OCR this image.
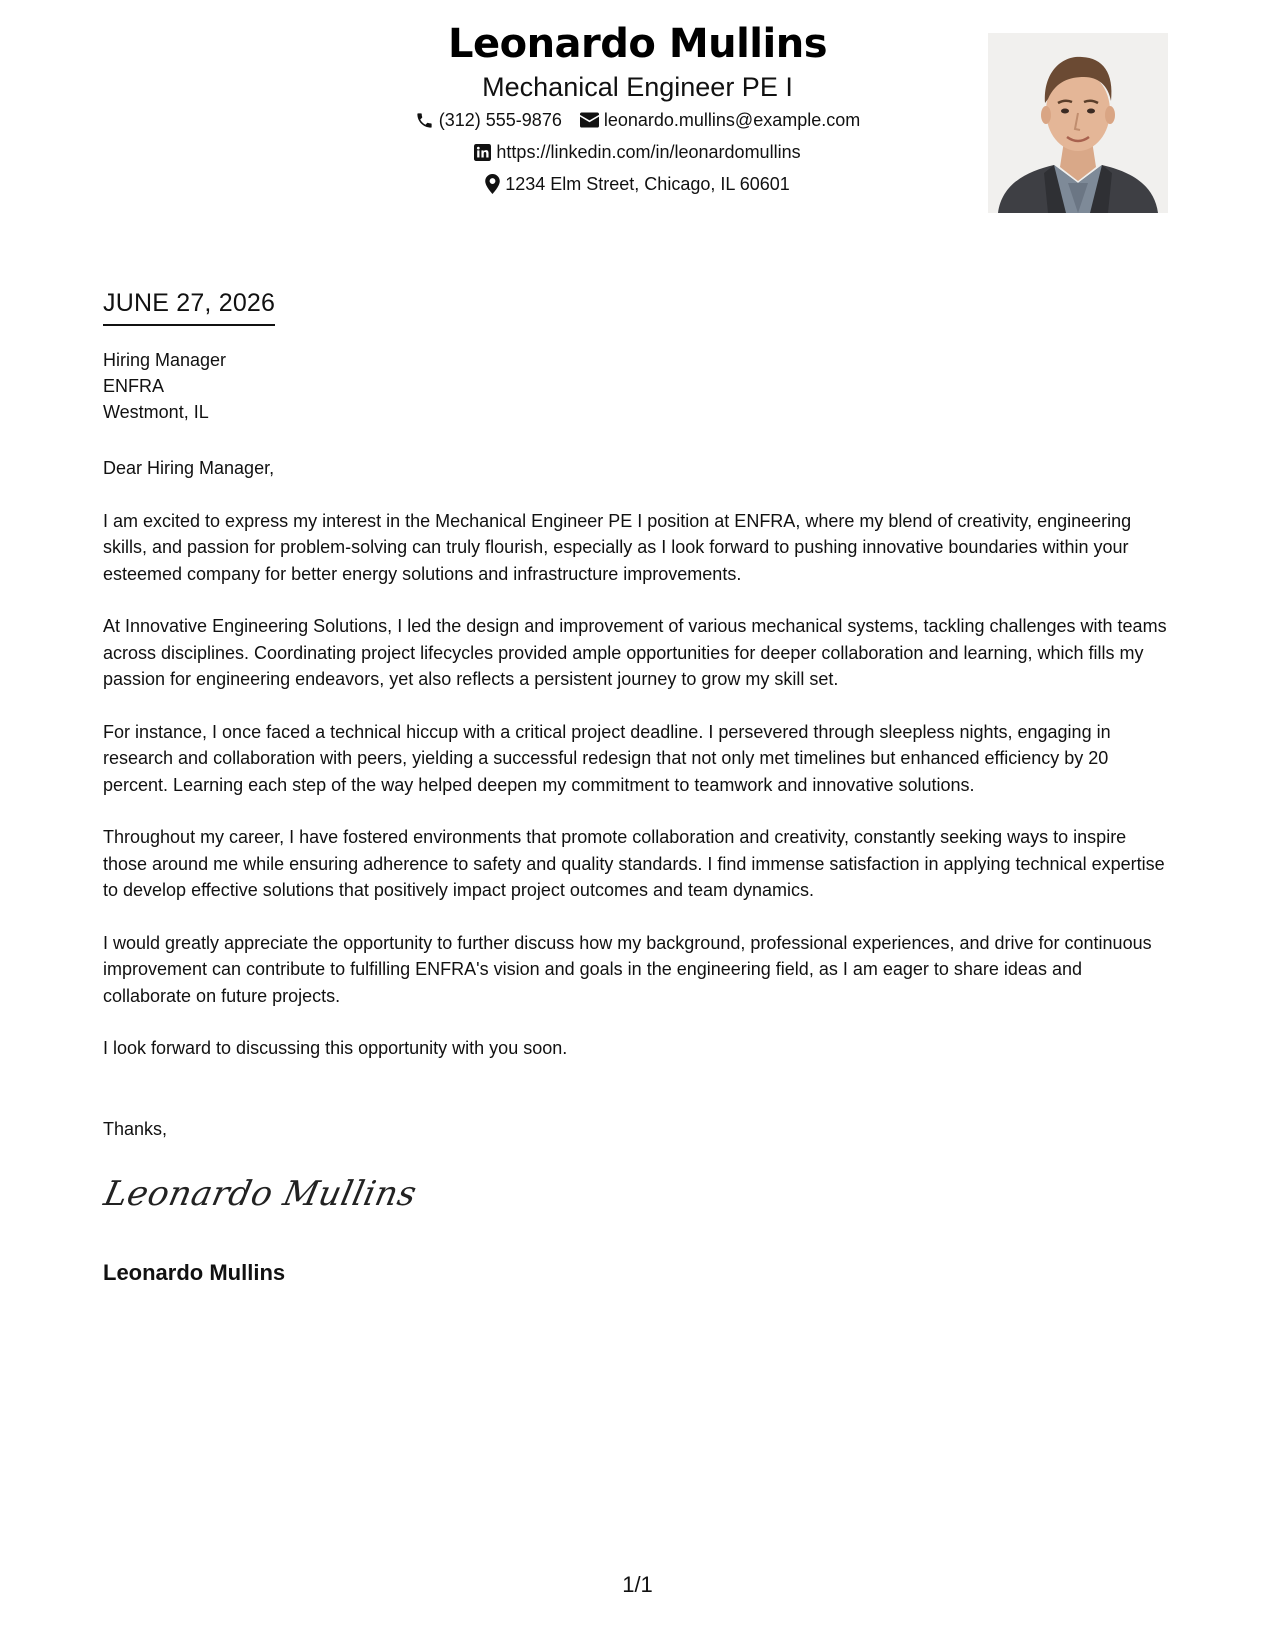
Leonardo Mullins
Mechanical Engineer PE I
(312) 555-9876 leonardo.mullins@example.com
https://linkedin.com/in/leonardomullins
1234 Elm Street, Chicago, IL 60601
JUNE 27, 2026
Hiring Manager
ENFRA
Westmont, IL

Dear Hiring Manager,

I am excited to express my interest in the Mechanical Engineer PE I position at ENFRA, where my blend of creativity, engineering skills, and passion for problem-solving can truly flourish, especially as I look forward to pushing innovative boundaries within your esteemed company for better energy solutions and infrastructure improvements.

At Innovative Engineering Solutions, I led the design and improvement of various mechanical systems, tackling challenges with teams across disciplines. Coordinating project lifecycles provided ample opportunities for deeper collaboration and learning, which fills my passion for engineering endeavors, yet also reflects a persistent journey to grow my skill set.

For instance, I once faced a technical hiccup with a critical project deadline. I persevered through sleepless nights, engaging in research and collaboration with peers, yielding a successful redesign that not only met timelines but enhanced efficiency by 20 percent. Learning each step of the way helped deepen my commitment to teamwork and innovative solutions.

Throughout my career, I have fostered environments that promote collaboration and creativity, constantly seeking ways to inspire those around me while ensuring adherence to safety and quality standards. I find immense satisfaction in applying technical expertise to develop effective solutions that positively impact project outcomes and team dynamics.

I would greatly appreciate the opportunity to further discuss how my background, professional experiences, and drive for continuous improvement can contribute to fulfilling ENFRA's vision and goals in the engineering field, as I am eager to share ideas and collaborate on future projects.

I look forward to discussing this opportunity with you soon.

Thanks,
Leonardo Mullins
Leonardo Mullins
1/1
